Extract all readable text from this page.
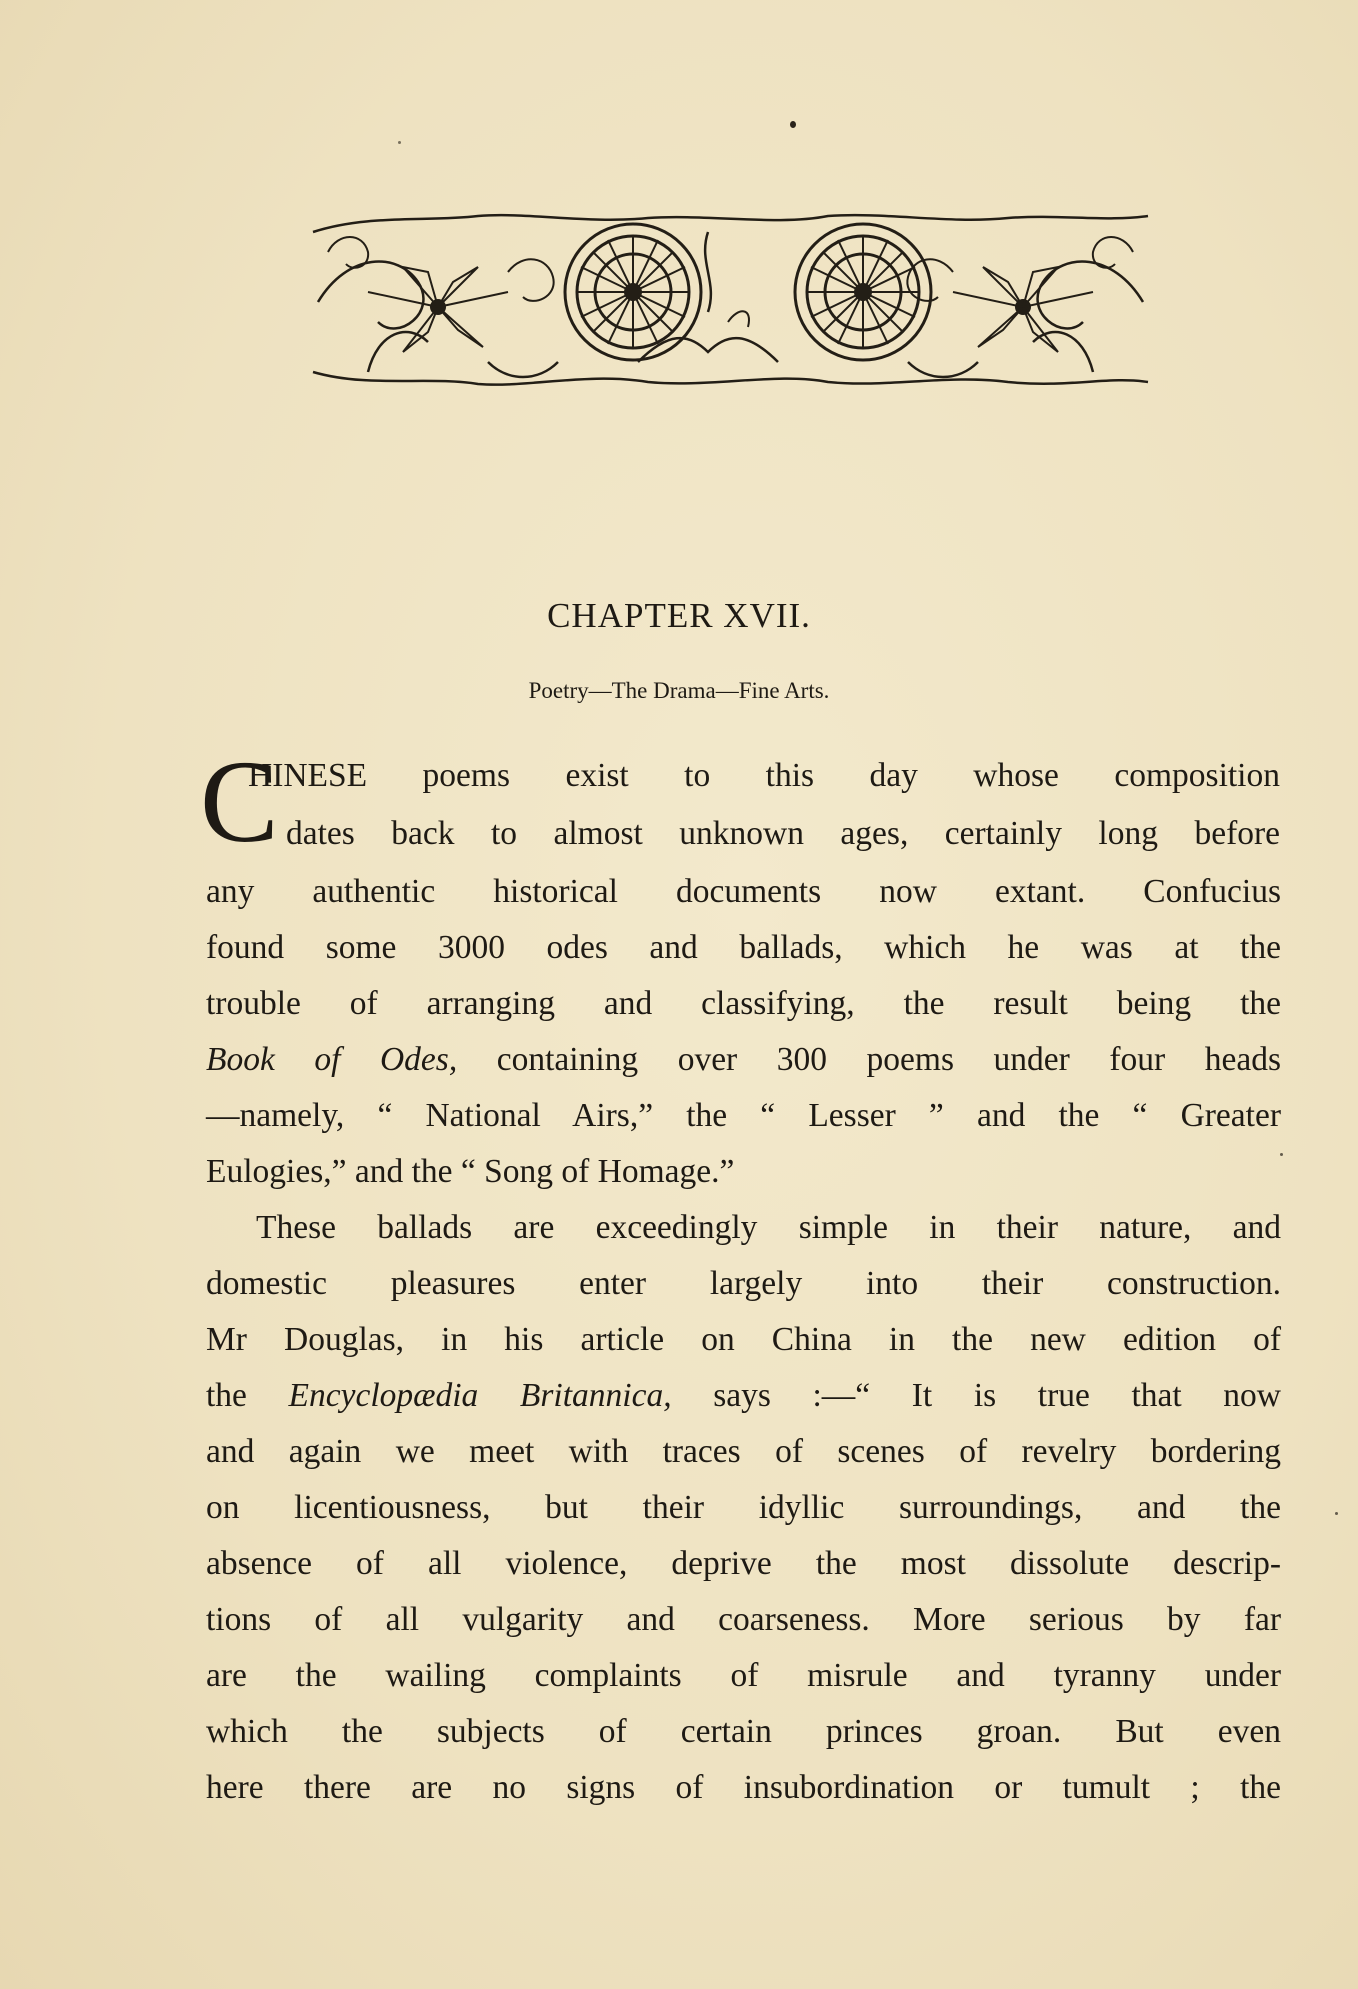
CHAPTER XVII.
Poetry—The Drama—Fine Arts.
C
HINESE poems exist to this day whose composition
dates back to almost unknown ages, certainly long before
any authentic historical documents now extant. Confucius
found some 3000 odes and ballads, which he was at the
trouble of arranging and classifying, the result being the
Book of Odes, containing over 300 poems under four heads
—namely, “ National Airs,” the “ Lesser ” and the “ Greater
Eulogies,” and the “ Song of Homage.”
These ballads are exceedingly simple in their nature, and
domestic pleasures enter largely into their construction.
Mr Douglas, in his article on China in the new edition of
the Encyclopædia Britannica, says :—“ It is true that now
and again we meet with traces of scenes of revelry bordering
on licentiousness, but their idyllic surroundings, and the
absence of all violence, deprive the most dissolute descrip-
tions of all vulgarity and coarseness. More serious by far
are the wailing complaints of misrule and tyranny under
which the subjects of certain princes groan. But even
here there are no signs of insubordination or tumult ; the
